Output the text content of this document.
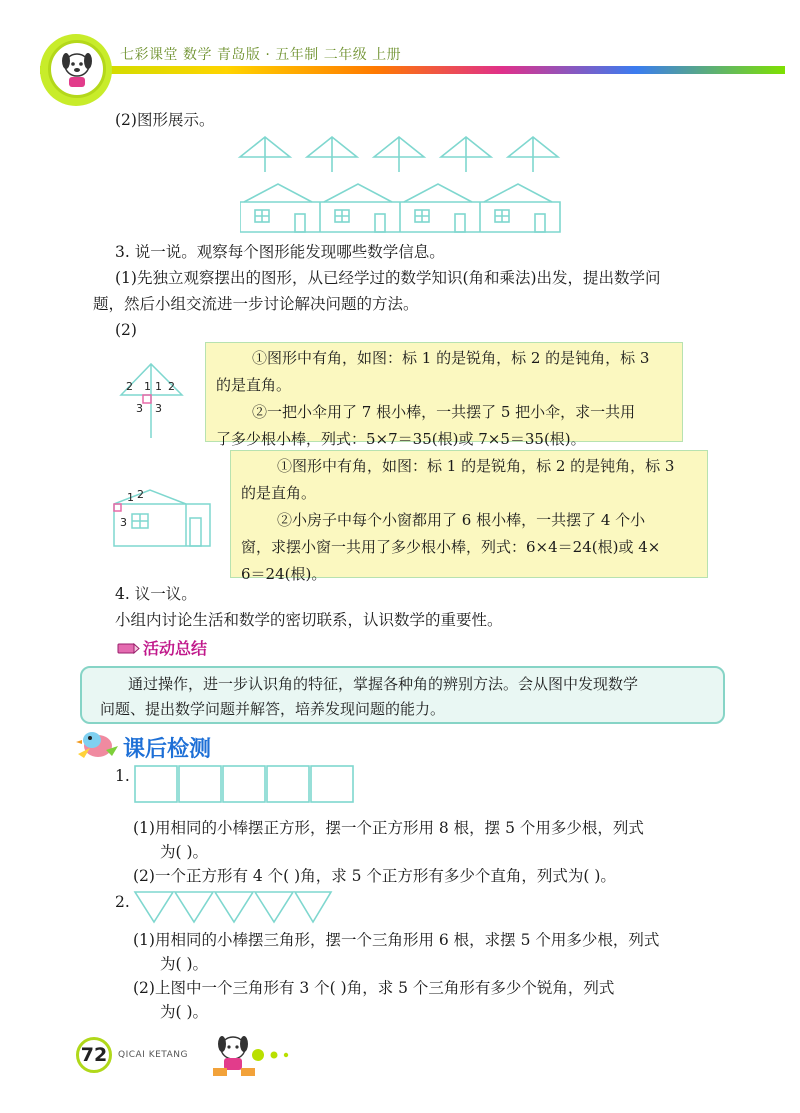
七彩课堂 数学 青岛版 · 五年制 二年级 上册
(2)图形展示。
3. 说一说。观察每个图形能发现哪些数学信息。
(1)先独立观察摆出的图形，从已经学过的数学知识(角和乘法)出发，提出数学问
题，然后小组交流进一步讨论解决问题的方法。
(2)
2 1 1 2
3 3

①图形中有角，如图：标 1 的是锐角，标 2 的是钝角，标 3

的是直角。

②一把小伞用了 7 根小棒，一共摆了 5 把小伞，求一共用

了多少根小棒，列式：5×7＝35(根)或 7×5＝35(根)。

1 2
3

①图形中有角，如图：标 1 的是锐角，标 2 的是钝角，标 3

的是直角。

②小房子中每个小窗都用了 6 根小棒，一共摆了 4 个小

窗，求摆小窗一共用了多少根小棒，列式：6×4＝24(根)或 4×

6＝24(根)。

4. 议一议。
小组内讨论生活和数学的密切联系，认识数学的重要性。
活动总结

通过操作，进一步认识角的特征，掌握各种角的辨别方法。会从图中发现数学

问题、提出数学问题并解答，培养发现问题的能力。

课后检测
1.
(1)用相同的小棒摆正方形，摆一个正方形用 8 根，摆 5 个用多少根，列式
为( )。
(2)一个正方形有 4 个( )角，求 5 个正方形有多少个直角，列式为( )。
2.
(1)用相同的小棒摆三角形，摆一个三角形用 6 根，求摆 5 个用多少根，列式
为( )。
(2)上图中一个三角形有 3 个( )角，求 5 个三角形有多少个锐角，列式
为( )。
72	QICAI KETANG
